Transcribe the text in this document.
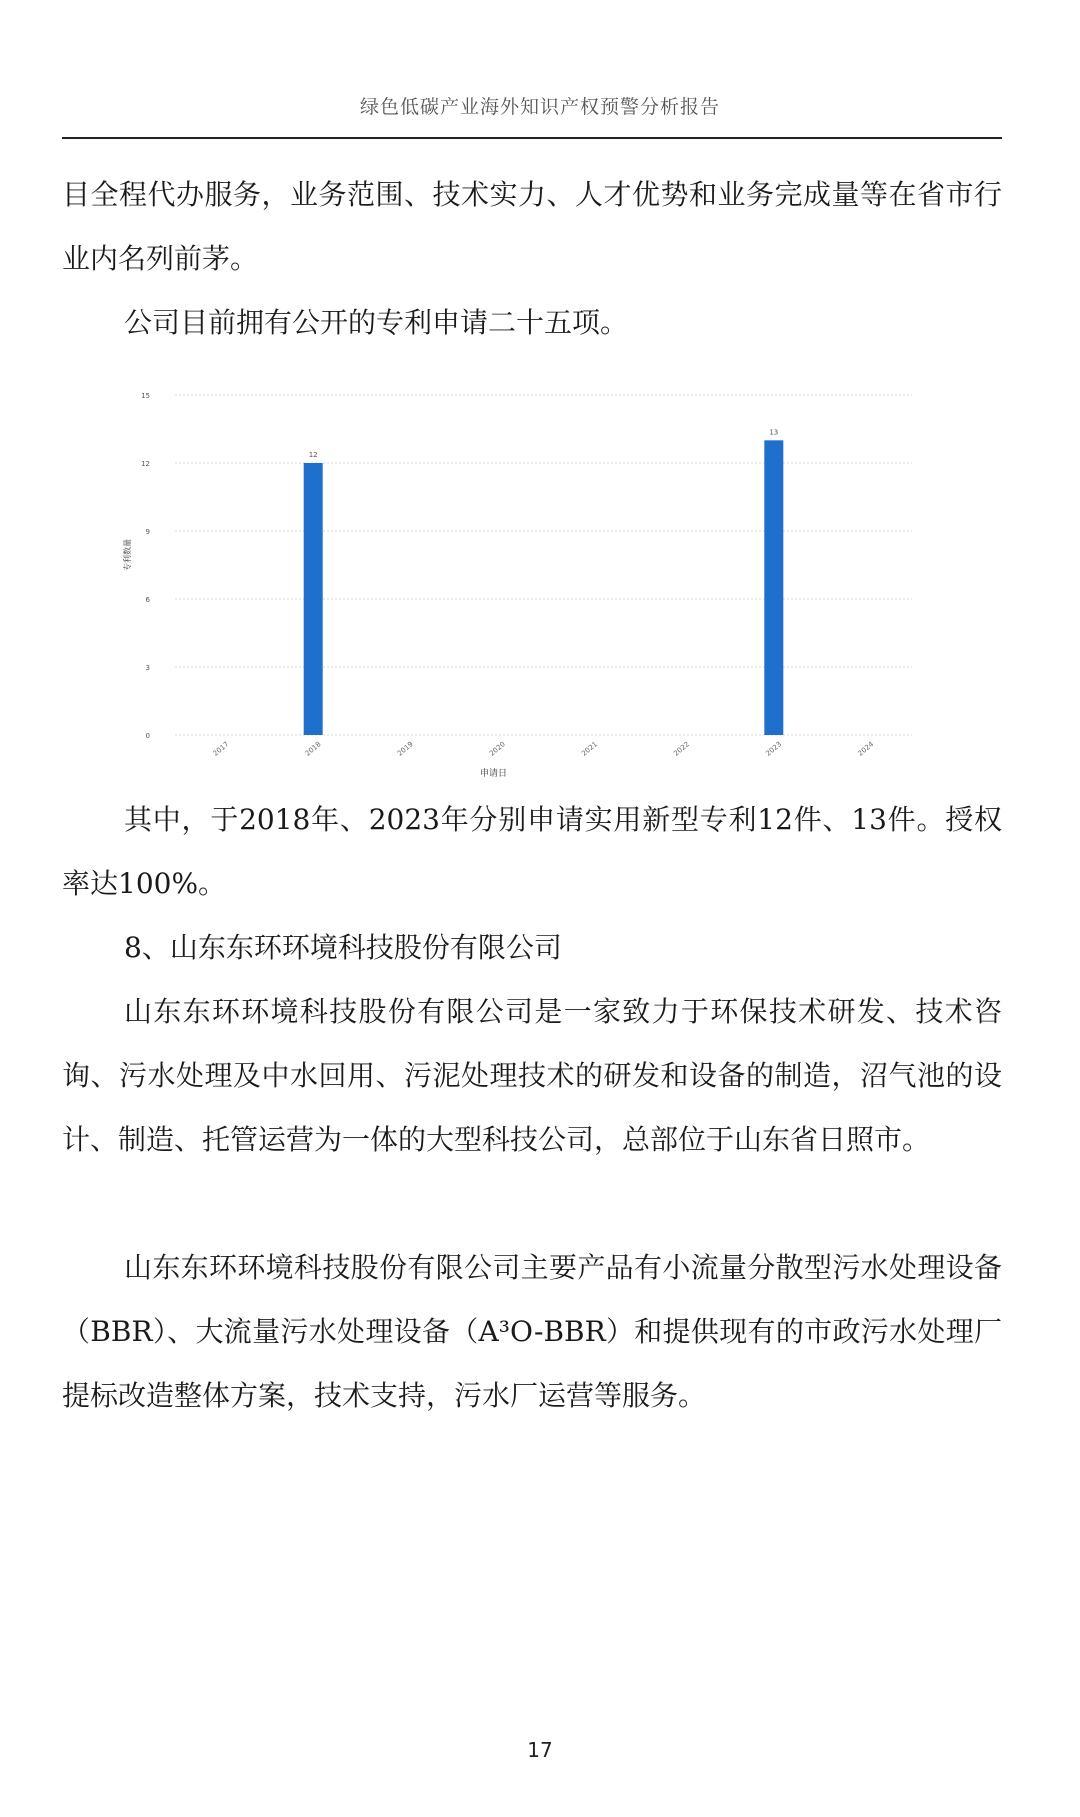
绿色低碳产业海外知识产权预警分析报告

目全程代办服务，业务范围、技术实力、人才优势和业务完成量等在省市行业内名列前茅。

公司目前拥有公开的专利申请二十五项。

0
3
6
9
12
15
12
13
2017	2018	2019	2020	2021	2022	2023	2024
申请日
专利数量

其中，于2018年、2023年分别申请实用新型专利12件、13件。授权率达100%。

8、山东东环环境科技股份有限公司

山东东环环境科技股份有限公司是一家致力于环保技术研发、技术咨询、污水处理及中水回用、污泥处理技术的研发和设备的制造，沼气池的设计、制造、托管运营为一体的大型科技公司，总部位于山东省日照市。

山东东环环境科技股份有限公司主要产品有小流量分散型污水处理设备（BBR）、大流量污水处理设备（A³O-BBR）和提供现有的市政污水处理厂提标改造整体方案，技术支持，污水厂运营等服务。

17
